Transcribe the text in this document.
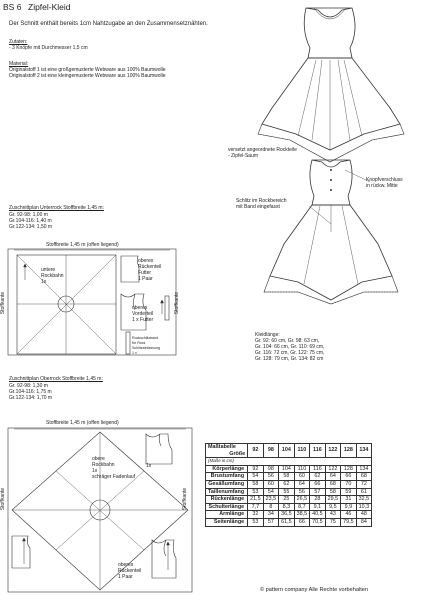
BS 6 Zipfel-Kleid
Der Schnitt enthält bereits 1cm Nahtzugabe an den Zusammensetznähten.
Zutaten:
- 3 Knöpfe mit Durchmesser 1,5 cm
Material:
Originalstoff 1 ist eine großgemusterte Webware aus 100% Baumwolle
Originalstoff 2 ist eine kleingemusterte Webware aus 100% Baumwolle
versetzt angeordnete Rockteile
- Zipfel-Saum
Knopfverschluss
in rückw. Mitte
Schlitz im Rockbereich
mit Band eingefasst
Zuschnittplan Unterrock Stoffbreite 1,45 m:
Gr. 92-98: 1,00 m
Gr.104-116: 1,40 m
Gr.122-134: 1,50 m
Stoffbreite 1,45 m (offen liegend)
untere
Rockbahn
1x
oberes
Rückenteil
Futter
1 Paar
oberes
Vorderteil
1 x Futter
Rockschlitzband
für Rock
Schlitzeinfassung
1 x
Stoffkante	Stoffkante
Kleidlänge:
Gr. 92: 60 cm, Gr. 98: 63 cm,
Gr. 104: 66 cm, Gr. 110: 69 cm,
Gr. 116: 72 cm, Gr. 122: 75 cm,
Gr. 128: 79 cm, Gr. 134: 82 cm
Zuschnittplan Oberrock Stoffbreite 1,45 m:
Gr. 92-98: 1,30 m
Gr.104-116: 1,75 m
Gr.122-134: 1,70 m
Stoffbreite 1,45 m (offen liegend)
obere
Rockbahn
1x
schräger Fadenlauf
1x
oberes
Rückenteil
1 Paar
Stoffkante	Stoffkante
Maßtabelle

Größe	92	98	104	110	116	122	128	134
(Maße in cm)								
Körperlänge	92	98	104	110	116	122	128	134
Brustumfang	54	56	58	60	62	64	66	68
Gesäßumfang	58	60	62	64	66	68	70	72
Taillenumfang	53	54	55	56	57	58	59	61
Rückenlänge	21,5	23,5	25	26,5	28	29,5	31	32,5
Schulterlänge	7,7	8	8,3	8,7	9,1	9,5	9,9	10,3
Armlänge	32	34	36,5	38,5	40,5	43	46	48
Seitenlänge	53	57	61,5	66	70,5	75	79,5	84
© pattern company Alle Rechte vorbehalten
